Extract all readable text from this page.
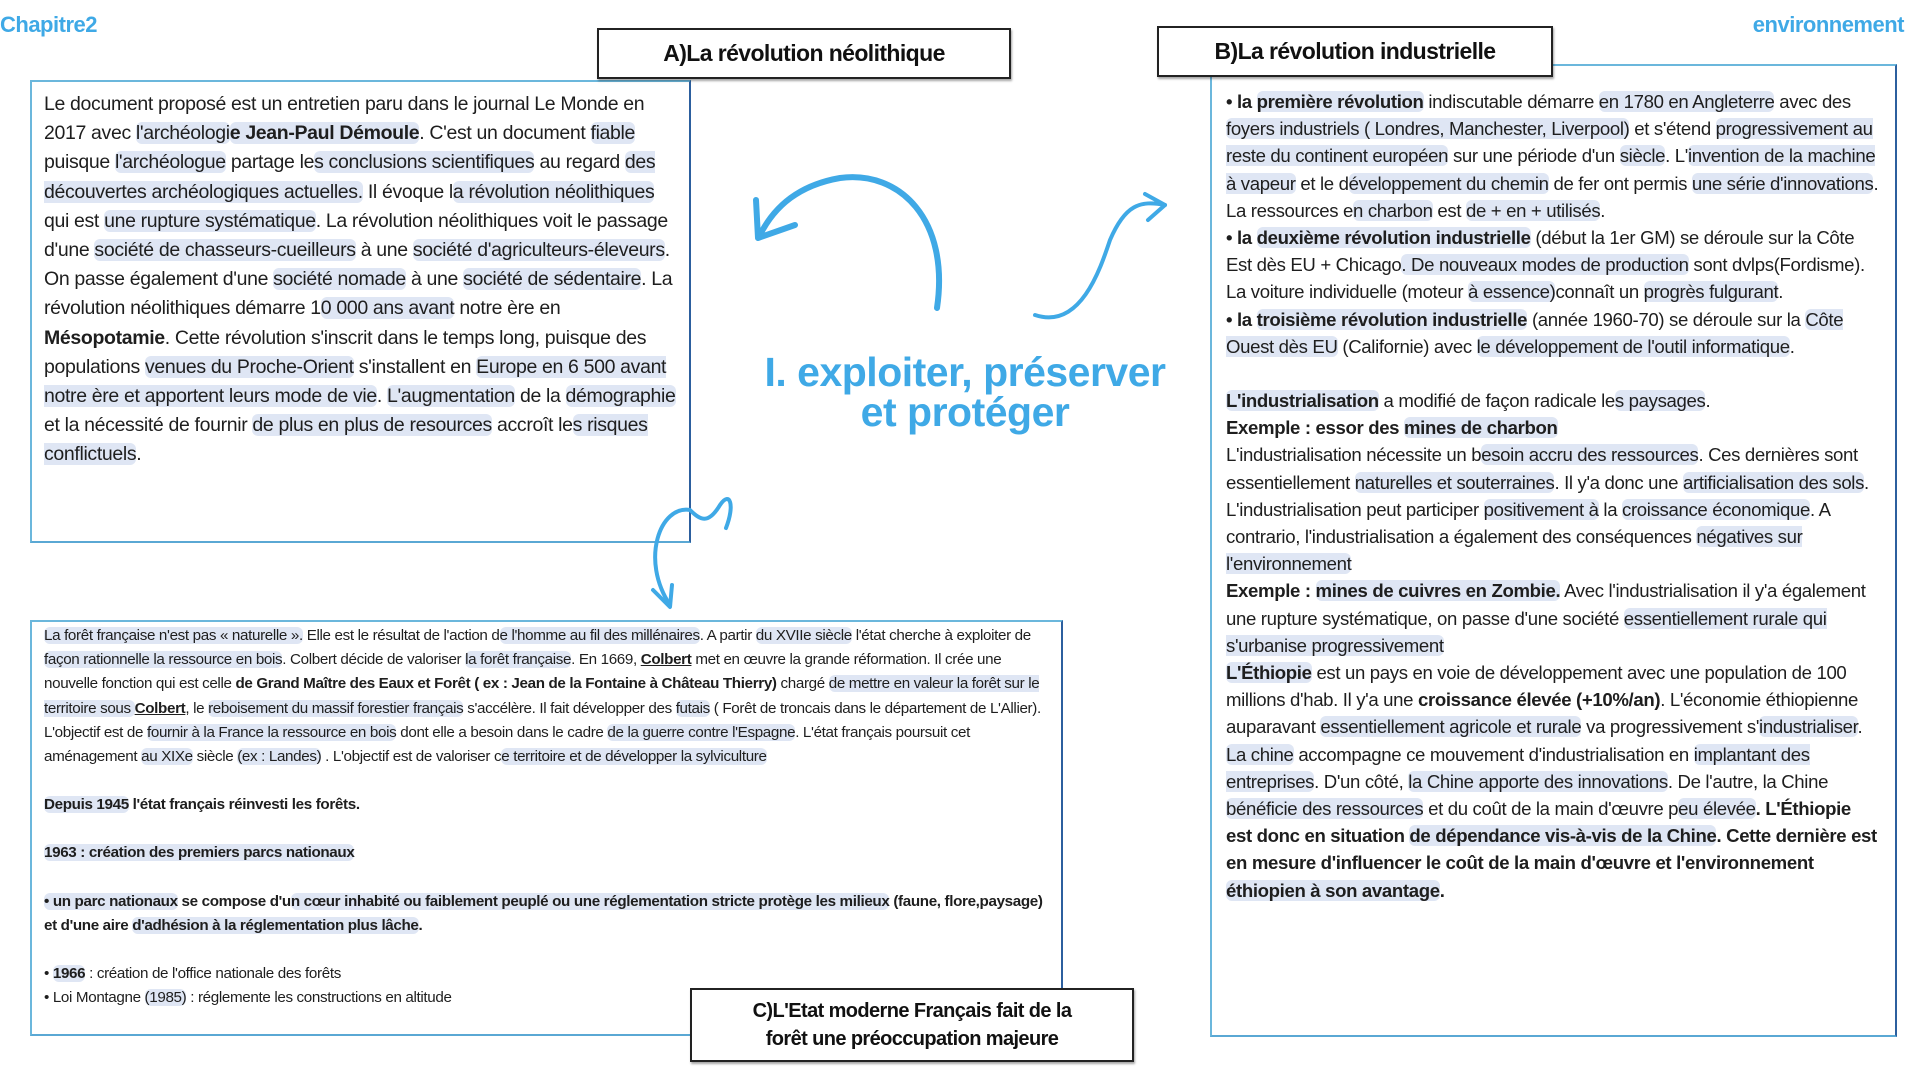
Chapitre2	environnement

Le document proposé est un entretien paru dans le journal Le Monde en 2017 avec l'archéologie Jean-Paul Démoule. C'est un document fiable puisque l'archéologue partage les conclusions scientifiques au regard des découvertes archéologiques actuelles. Il évoque la révolution néolithiques qui est une rupture systématique. La révolution néolithiques voit le passage d'une société de chasseurs-cueilleurs à une société d'agriculteurs-éleveurs. On passe également d'une société nomade à une société de sédentaire. La révolution néolithiques démarre 10 000 ans avant notre ère en Mésopotamie. Cette révolution s'inscrit dans le temps long, puisque des populations venues du Proche-Orient s'installent en Europe en 6 500 avant notre ère et apportent leurs mode de vie. L'augmentation de la démographie et la nécessité de fournir de plus en plus de resources accroît les risques conflictuels.

• la première révolution indiscutable démarre en 1780 en Angleterre avec des foyers industriels ( Londres, Manchester, Liverpool) et s'étend progressivement au reste du continent européen sur une période d'un siècle. L'invention de la machine à vapeur et le développement du chemin de fer ont permis une série d'innovations. La ressources en charbon est de + en + utilisés.

• la deuxième révolution industrielle (début la 1er GM) se déroule sur la Côte Est dès EU + Chicago. De nouveaux modes de production sont dvlps(Fordisme). La voiture individuelle (moteur à essence)connaît un progrès fulgurant.

• la troisième révolution industrielle (année 1960-70) se déroule sur la Côte Ouest dès EU (Californie) avec le développement de l'outil informatique.

L'industrialisation a modifié de façon radicale les paysages.

Exemple : essor des mines de charbon

L'industrialisation nécessite un besoin accru des ressources. Ces dernières sont essentiellement naturelles et souterraines. Il y'a donc une artificialisation des sols. L'industrialisation peut participer positivement à la croissance économique. A contrario, l'industrialisation a également des conséquences négatives sur l'environnement

Exemple : mines de cuivres en Zombie. Avec l'industrialisation il y'a également une rupture systématique, on passe d'une société essentiellement rurale qui s'urbanise progressivement

L'Éthiopie est un pays en voie de développement avec une population de 100 millions d'hab. Il y'a une croissance élevée (+10%/an). L'économie éthiopienne auparavant essentiellement agricole et rurale va progressivement s'industrialiser. La chine accompagne ce mouvement d'industrialisation en implantant des entreprises. D'un côté, la Chine apporte des innovations. De l'autre, la Chine bénéficie des ressources et du coût de la main d'œuvre peu élevée. L'Éthiopie est donc en situation de dépendance vis-à-vis de la Chine. Cette dernière est en mesure d'influencer le coût de la main d'œuvre et l'environnement éthiopien à son avantage.

La forêt française n'est pas « naturelle ». Elle est le résultat de l'action de l'homme au fil des millénaires. A partir du XVIIe siècle l'état cherche à exploiter de façon rationnelle la ressource en bois. Colbert décide de valoriser la forêt française. En 1669, Colbert met en œuvre la grande réformation. Il crée une nouvelle fonction qui est celle de Grand Maître des Eaux et Forêt ( ex : Jean de la Fontaine à Château Thierry) chargé de mettre en valeur la forêt sur le territoire sous Colbert, le reboisement du massif forestier français s'accélère. Il fait développer des futais ( Forêt de troncais dans le département de L'Allier). L'objectif est de fournir à la France la ressource en bois dont elle a besoin dans le cadre de la guerre contre l'Espagne. L'état français poursuit cet aménagement au XIXe siècle (ex : Landes) . L'objectif est de valoriser ce territoire et de développer la sylviculture

Depuis 1945 l'état français réinvesti les forêts.

1963 : création des premiers parcs nationaux

• un parc nationaux se compose d'un cœur inhabité ou faiblement peuplé ou une réglementation stricte protège les milieux (faune, flore,paysage) et d'une aire d'adhésion à la réglementation plus lâche.

• 1966 : création de l'office nationale des forêts

• Loi Montagne (1985) : réglemente les constructions en altitude

A)La révolution néolithique	B)La révolution industrielle
C)L'Etat moderne Français fait de la
forêt une préoccupation majeure
I. exploiter, préserver
et protéger
